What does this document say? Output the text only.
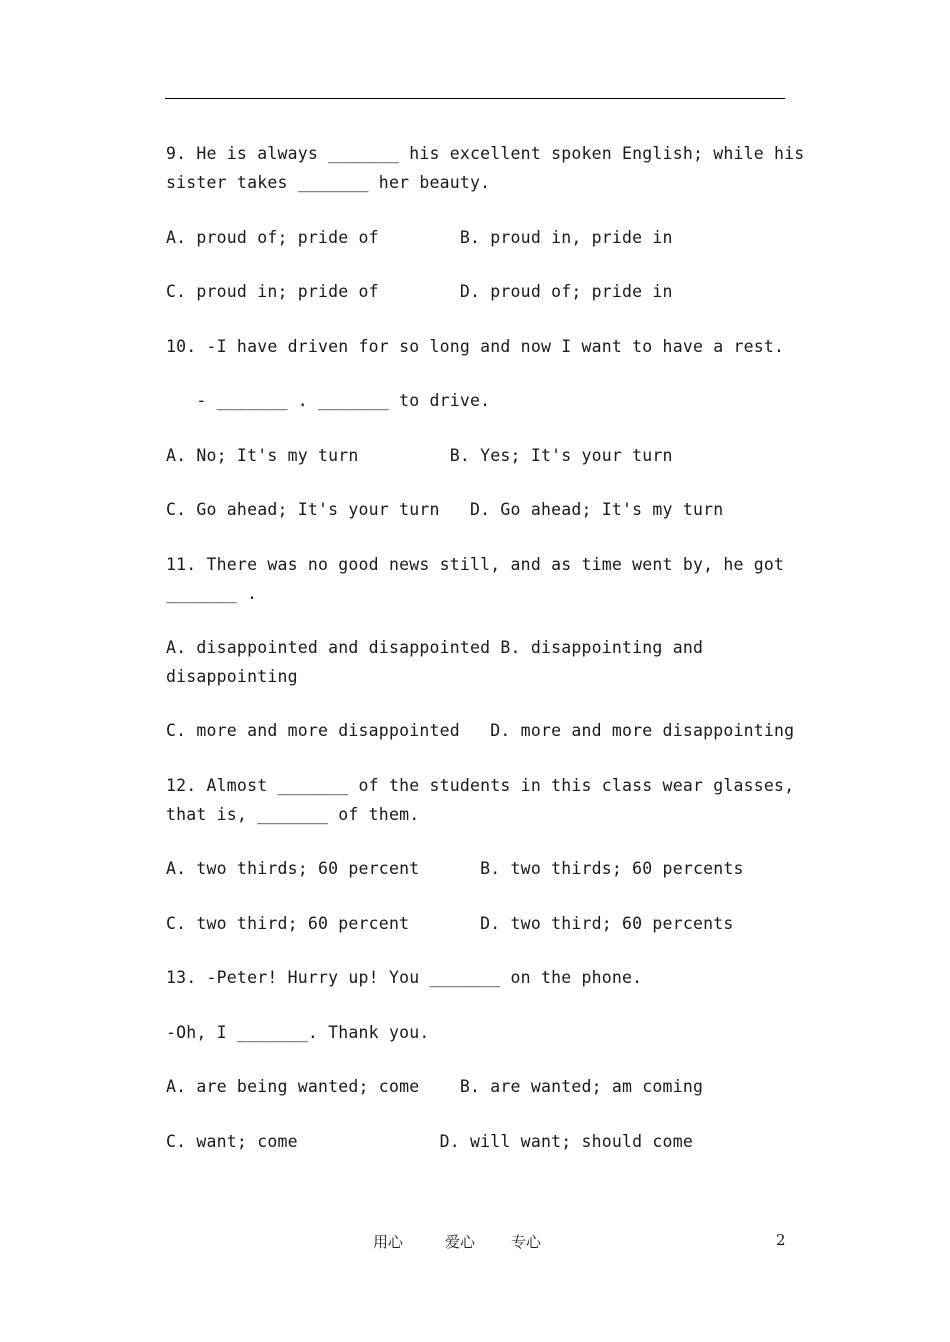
9. He is always _______ his excellent spoken English; while his
sister takes _______ her beauty.
A. proud of; pride of        B. proud in, pride in
C. proud in; pride of        D. proud of; pride in
10. -I have driven for so long and now I want to have a rest.
- _______ . _______ to drive.
A. No; It's my turn         B. Yes; It's your turn
C. Go ahead; It's your turn   D. Go ahead; It's my turn
11. There was no good news still, and as time went by, he got
_______ .
A. disappointed and disappointed B. disappointing and
disappointing
C. more and more disappointed   D. more and more disappointing
12. Almost _______ of the students in this class wear glasses,
that is, _______ of them.
A. two thirds; 60 percent      B. two thirds; 60 percents
C. two third; 60 percent       D. two third; 60 percents
13. -Peter! Hurry up! You _______ on the phone.
-Oh, I _______. Thank you.
A. are being wanted; come    B. are wanted; am coming
C. want; come              D. will want; should come
用心	爱心 专心	2
